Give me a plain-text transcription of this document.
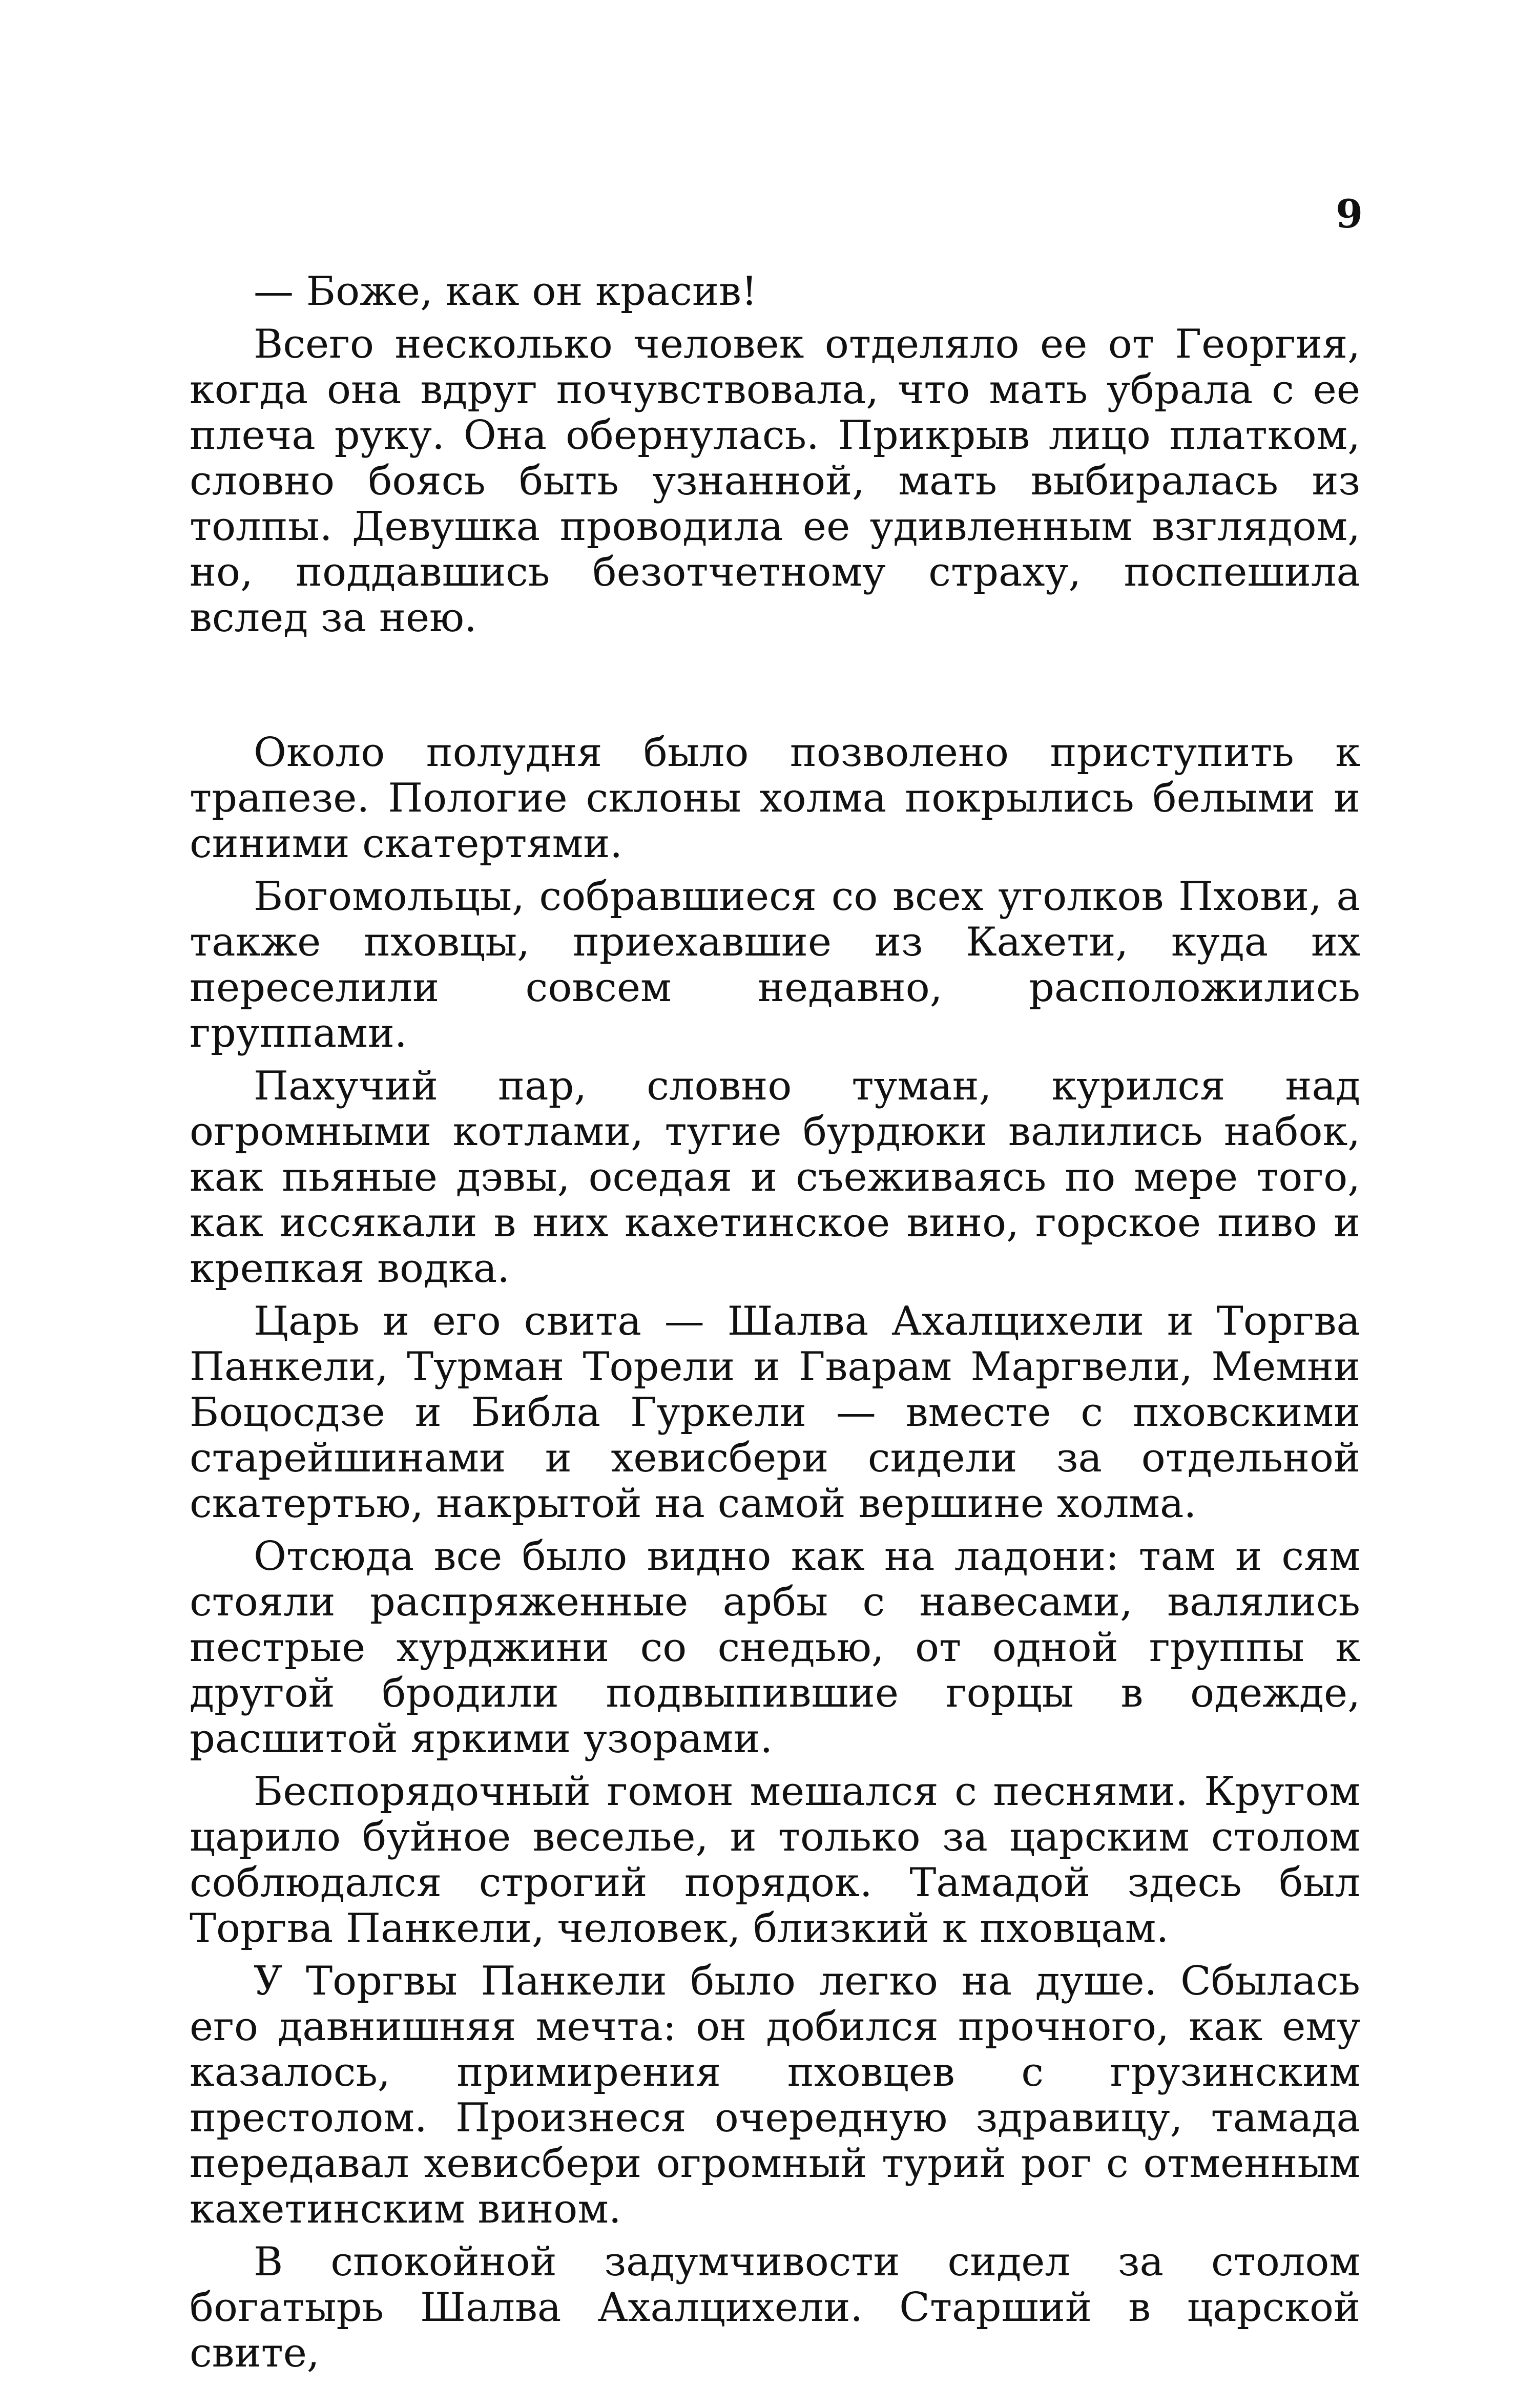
9

— Боже, как он красив!

Всего несколько человек отделяло ее от Георгия, когда она вдруг почувствовала, что мать убрала с ее плеча руку. Она обернулась. Прикрыв лицо платком, словно боясь быть узнанной, мать выбиралась из толпы. Девушка проводила ее удивленным взглядом, но, поддавшись безотчетному страху, поспешила вслед за нею.

Около полудня было позволено приступить к трапезе. Пологие склоны холма покрылись белыми и синими скатертями.

Богомольцы, собравшиеся со всех уголков Пхови, а также пховцы, приехавшие из Кахети, куда их переселили совсем недавно, расположились группами.

Пахучий пар, словно туман, курился над огромными котлами, тугие бурдюки валились набок, как пьяные дэвы, оседая и съеживаясь по мере того, как иссякали в них кахетинское вино, горское пиво и крепкая водка.

Царь и его свита — Шалва Ахалцихели и Торгва Панкели, Турман Торели и Гварам Маргвели, Мемни Боцосдзе и Библа Гуркели — вместе с пховскими старейшинами и хевисбери сидели за отдельной скатертью, накрытой на самой вершине холма.

Отсюда все было видно как на ладони: там и сям стояли распряженные арбы с навесами, валялись пестрые хурджини со снедью, от одной группы к другой бродили подвыпившие горцы в одежде, расшитой яркими узорами.

Беспорядочный гомон мешался с песнями. Кругом царило буйное веселье, и только за царским столом соблюдался строгий порядок. Тамадой здесь был Торгва Панкели, человек, близкий к пховцам.

У Торгвы Панкели было легко на душе. Сбылась его давнишняя мечта: он добился прочного, как ему казалось, примирения пховцев с грузинским престолом. Произнеся очередную здравицу, тамада передавал хевисбери огромный турий рог с отменным кахетинским вином.

В спокойной задумчивости сидел за столом богатырь Шалва Ахалцихели. Старший в царской свите,
